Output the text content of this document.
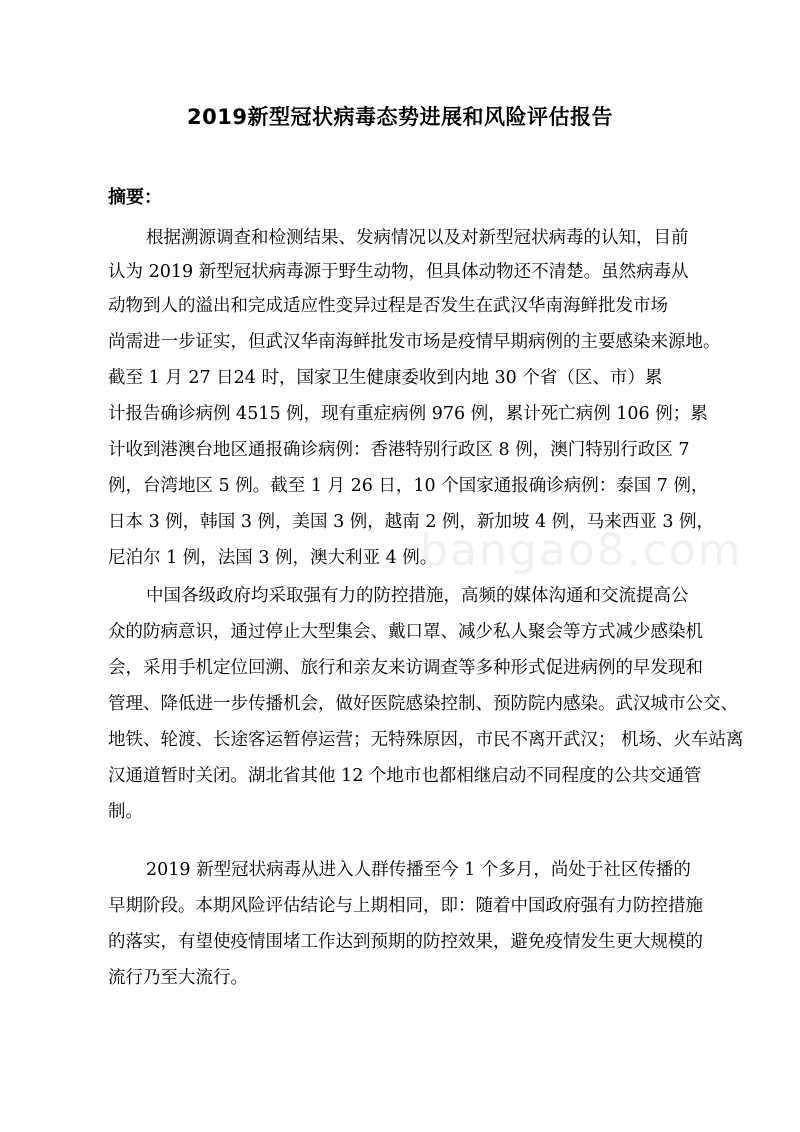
bangao8.com
2019新型冠状病毒态势进展和风险评估报告
摘要：
根据溯源调查和检测结果、发病情况以及对新型冠状病毒的认知，目前
认为 2019 新型冠状病毒源于野生动物，但具体动物还不清楚。虽然病毒从
动物到人的溢出和完成适应性变异过程是否发生在武汉华南海鲜批发市场
尚需进一步证实，但武汉华南海鲜批发市场是疫情早期病例的主要感染来源地。
截至 1 月 27 日24 时，国家卫生健康委收到内地 30 个省（区、市）累
计报告确诊病例 4515 例，现有重症病例 976 例，累计死亡病例 106 例；累
计收到港澳台地区通报确诊病例：香港特别行政区 8 例，澳门特别行政区 7
例，台湾地区 5 例。截至 1 月 26 日，10 个国家通报确诊病例：泰国 7 例，
日本 3 例，韩国 3 例，美国 3 例，越南 2 例，新加坡 4 例，马来西亚 3 例，
尼泊尔 1 例，法国 3 例，澳大利亚 4 例。
中国各级政府均采取强有力的防控措施，高频的媒体沟通和交流提高公
众的防病意识，通过停止大型集会、戴口罩、减少私人聚会等方式减少感染机
会，采用手机定位回溯、旅行和亲友来访调查等多种形式促进病例的早发现和
管理、降低进一步传播机会，做好医院感染控制、预防院内感染。武汉城市公交、
地铁、轮渡、长途客运暂停运营；无特殊原因，市民不离开武汉； 机场、火车站离
汉通道暂时关闭。湖北省其他 12 个地市也都相继启动不同程度的公共交通管
制。
2019 新型冠状病毒从进入人群传播至今 1 个多月，尚处于社区传播的
早期阶段。本期风险评估结论与上期相同，即：随着中国政府强有力防控措施
的落实，有望使疫情围堵工作达到预期的防控效果，避免疫情发生更大规模的
流行乃至大流行。
